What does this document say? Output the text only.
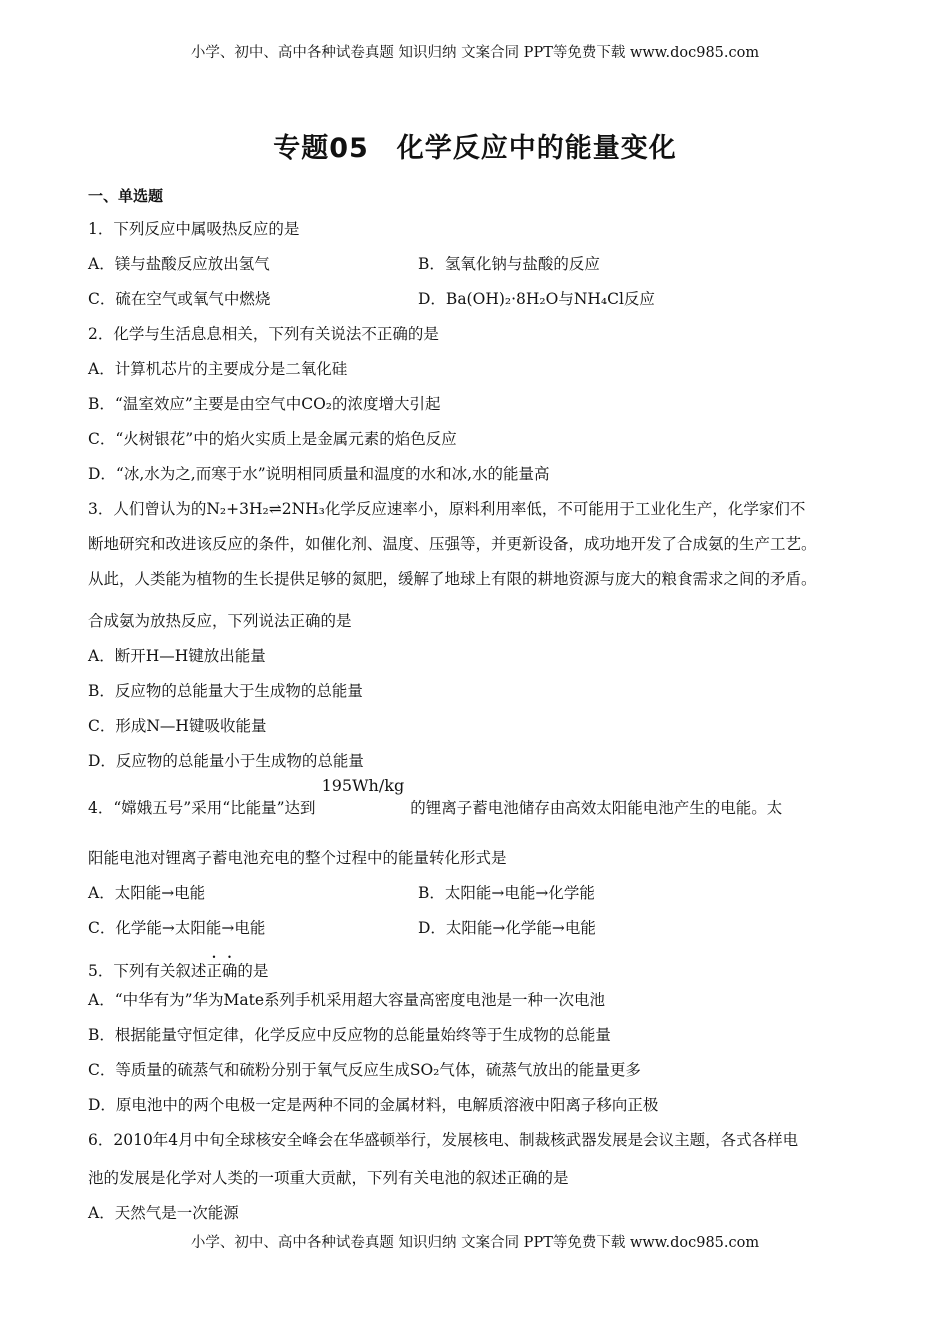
小学、初中、高中各种试卷真题 知识归纳 文案合同 PPT等免费下载 www.doc985.com
专题05　化学反应中的能量变化
一、单选题
1．下列反应中属吸热反应的是
A．镁与盐酸反应放出氢气	B．氢氧化钠与盐酸的反应
C．硫在空气或氧气中燃烧	D．Ba(OH)₂·8H₂O与NH₄Cl反应
2．化学与生活息息相关，下列有关说法不正确的是
A．计算机芯片的主要成分是二氧化硅
B．“温室效应”主要是由空气中CO₂的浓度增大引起
C．“火树银花”中的焰火实质上是金属元素的焰色反应
D．“冰,水为之,而寒于水”说明相同质量和温度的水和冰,水的能量高
3．人们曾认为的N₂+3H₂⇌2NH₃化学反应速率小，原料利用率低，不可能用于工业化生产，化学家们不
断地研究和改进该反应的条件，如催化剂、温度、压强等，并更新设备，成功地开发了合成氨的生产工艺。
从此，人类能为植物的生长提供足够的氮肥，缓解了地球上有限的耕地资源与庞大的粮食需求之间的矛盾。
合成氨为放热反应，下列说法正确的是
A．断开H—H键放出能量
B．反应物的总能量大于生成物的总能量
C．形成N—H键吸收能量
D．反应物的总能量小于生成物的总能量
4．“嫦娥五号”采用“比能量”达到195Wh/kg的锂离子蓄电池储存由高效太阳能电池产生的电能。太
阳能电池对锂离子蓄电池充电的整个过程中的能量转化形式是
A．太阳能→电能	B．太阳能→电能→化学能
C．化学能→太阳能→电能	D．太阳能→化学能→电能
5．下列有关叙述正确的是
A．“中华有为”华为Mate系列手机采用超大容量高密度电池是一种一次电池
B．根据能量守恒定律，化学反应中反应物的总能量始终等于生成物的总能量
C．等质量的硫蒸气和硫粉分别于氧气反应生成SO₂气体，硫蒸气放出的能量更多
D．原电池中的两个电极一定是两种不同的金属材料，电解质溶液中阳离子移向正极
6．2010年4月中旬全球核安全峰会在华盛顿举行，发展核电、制裁核武器发展是会议主题，各式各样电
池的发展是化学对人类的一项重大贡献，下列有关电池的叙述正确的是
A．天然气是一次能源
小学、初中、高中各种试卷真题 知识归纳 文案合同 PPT等免费下载 www.doc985.com
